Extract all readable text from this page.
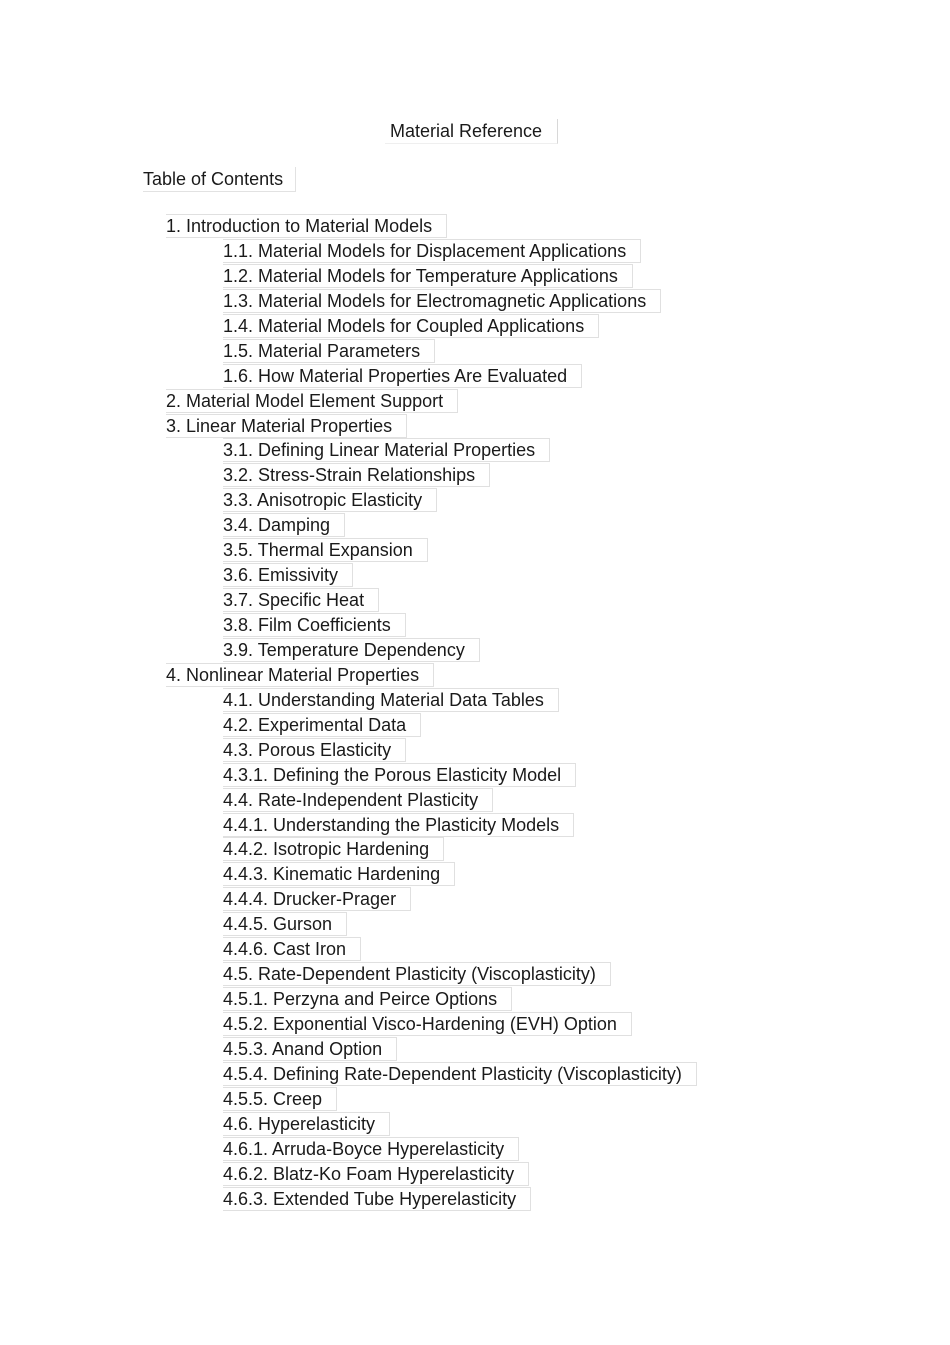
Material Reference
Table of Contents
1. Introduction to Material Models
1.1. Material Models for Displacement Applications
1.2. Material Models for Temperature Applications
1.3. Material Models for Electromagnetic Applications
1.4. Material Models for Coupled Applications
1.5. Material Parameters
1.6. How Material Properties Are Evaluated
2. Material Model Element Support
3. Linear Material Properties
3.1. Defining Linear Material Properties
3.2. Stress-Strain Relationships
3.3. Anisotropic Elasticity
3.4. Damping
3.5. Thermal Expansion
3.6. Emissivity
3.7. Specific Heat
3.8. Film Coefficients
3.9. Temperature Dependency
4. Nonlinear Material Properties
4.1. Understanding Material Data Tables
4.2. Experimental Data
4.3. Porous Elasticity
4.3.1. Defining the Porous Elasticity Model
4.4. Rate-Independent Plasticity
4.4.1. Understanding the Plasticity Models
4.4.2. Isotropic Hardening
4.4.3. Kinematic Hardening
4.4.4. Drucker-Prager
4.4.5. Gurson
4.4.6. Cast Iron
4.5. Rate-Dependent Plasticity (Viscoplasticity)
4.5.1. Perzyna and Peirce Options
4.5.2. Exponential Visco-Hardening (EVH) Option
4.5.3. Anand Option
4.5.4. Defining Rate-Dependent Plasticity (Viscoplasticity)
4.5.5. Creep
4.6. Hyperelasticity
4.6.1. Arruda-Boyce Hyperelasticity
4.6.2. Blatz-Ko Foam Hyperelasticity
4.6.3. Extended Tube Hyperelasticity
